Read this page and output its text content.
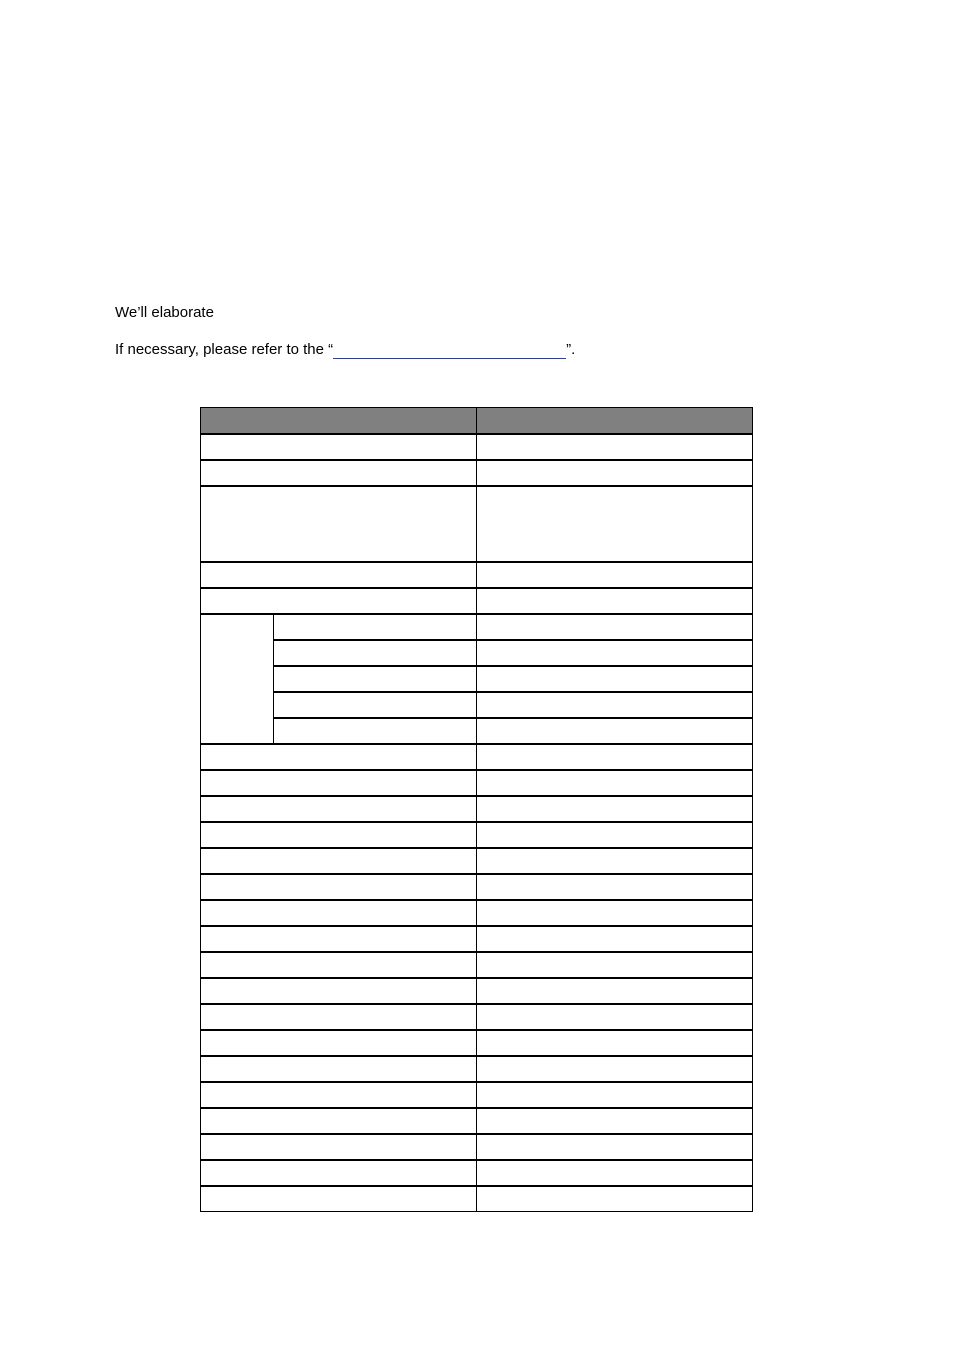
We’ll elaborate

If necessary, please refer to the “	”.
